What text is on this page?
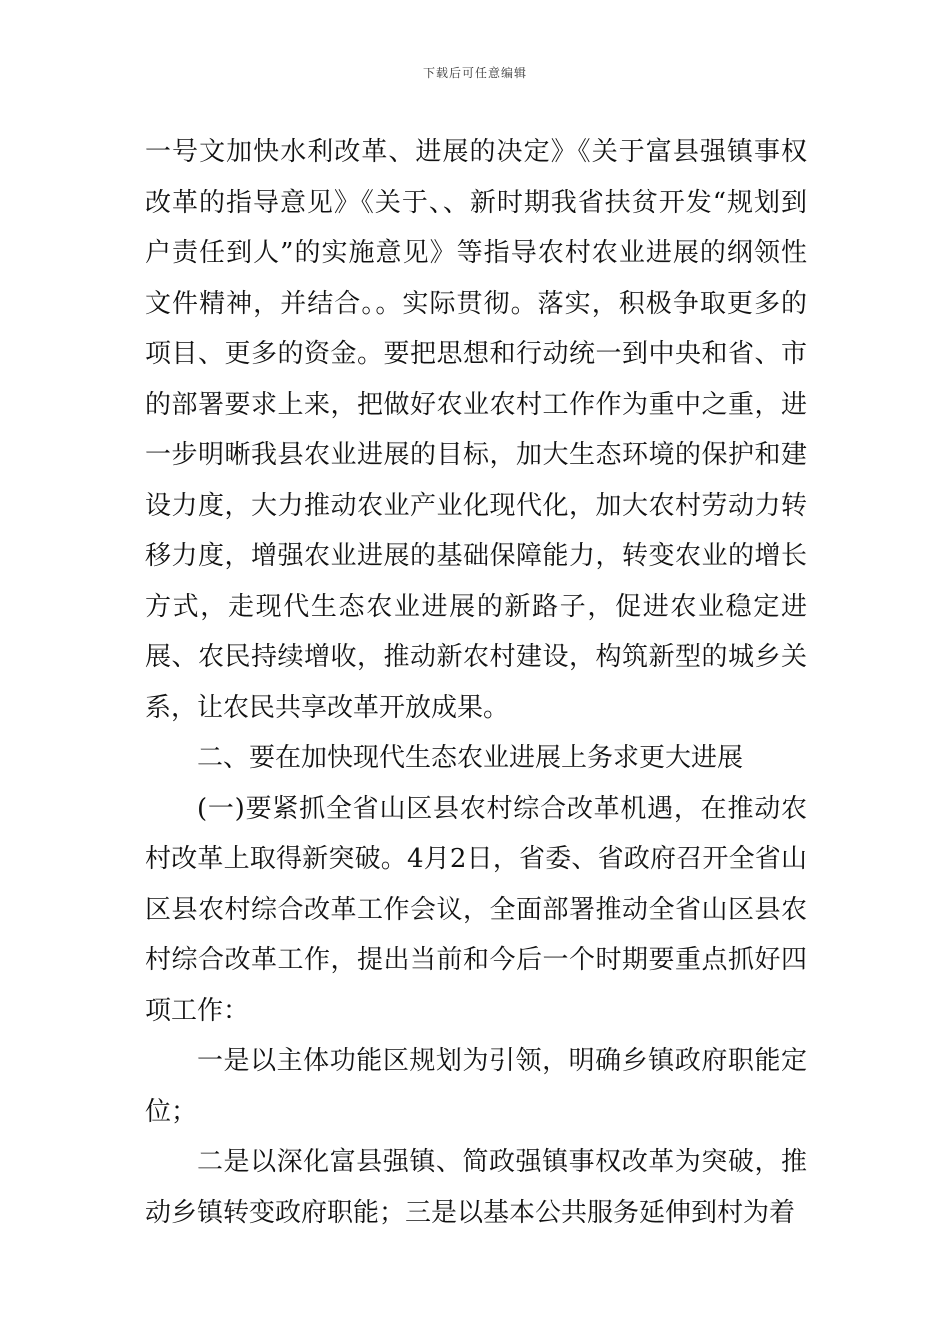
下载后可任意编辑

一号文加快水利改革、进展的决定》《关于富县强镇事权改革的指导意见》《关于、、新时期我省扶贫开发“规划到户责任到人”的实施意见》等指导农村农业进展的纲领性文件精神，并结合。。实际贯彻。落实，积极争取更多的项目、更多的资金。要把思想和行动统一到中央和省、市的部署要求上来，把做好农业农村工作作为重中之重，进一步明晰我县农业进展的目标，加大生态环境的保护和建设力度，大力推动农业产业化现代化，加大农村劳动力转移力度，增强农业进展的基础保障能力，转变农业的增长方式，走现代生态农业进展的新路子，促进农业稳定进展、农民持续增收，推动新农村建设，构筑新型的城乡关系，让农民共享改革开放成果。

二、要在加快现代生态农业进展上务求更大进展

(一)要紧抓全省山区县农村综合改革机遇，在推动农村改革上取得新突破。4月2日，省委、省政府召开全省山区县农村综合改革工作会议，全面部署推动全省山区县农村综合改革工作，提出当前和今后一个时期要重点抓好四项工作：

一是以主体功能区规划为引领，明确乡镇政府职能定位；

二是以深化富县强镇、简政强镇事权改革为突破，推动乡镇转变政府职能；三是以基本公共服务延伸到村为着
